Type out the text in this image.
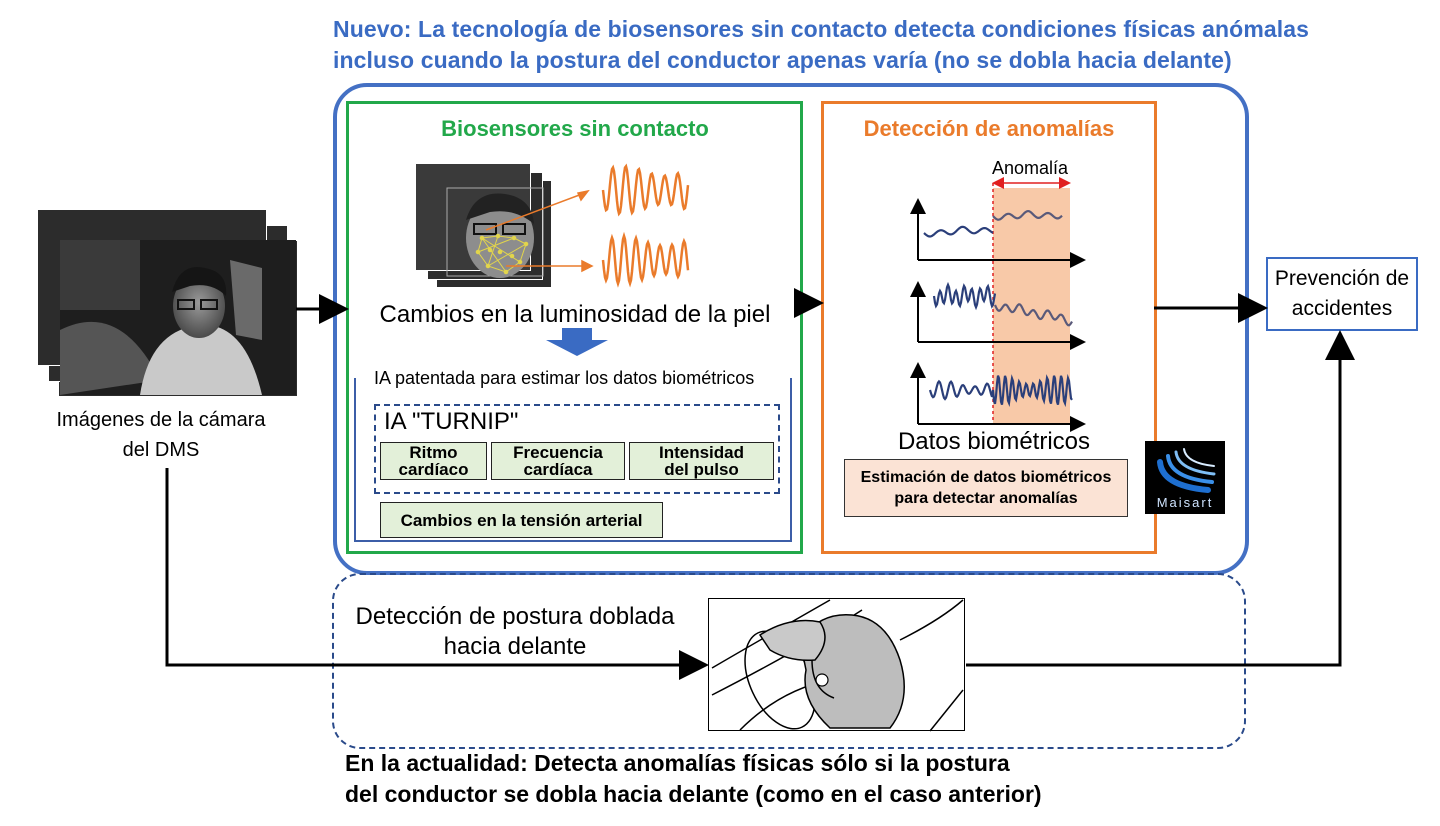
Nuevo: La tecnología de biosensores sin contacto detecta condiciones físicas anómalas
incluso cuando la postura del conductor apenas varía (no se dobla hacia delante)
Imágenes de la cámara
del DMS
Biosensores sin contacto
Cambios en la luminosidad de la piel
IA patentada para estimar los datos biométricos
IA "TURNIP"
Ritmo cardíaco
Frecuencia cardíaca
Intensidad del pulso
Cambios en la tensión arterial
Detección de anomalías
Anomalía
Datos biométricos
Estimación de datos biométricos para detectar anomalías	Maisart
Prevención de accidentes
Detección de postura doblada
hacia delante
En la actualidad: Detecta anomalías físicas sólo si la postura
del conductor se dobla hacia delante (como en el caso anterior)
